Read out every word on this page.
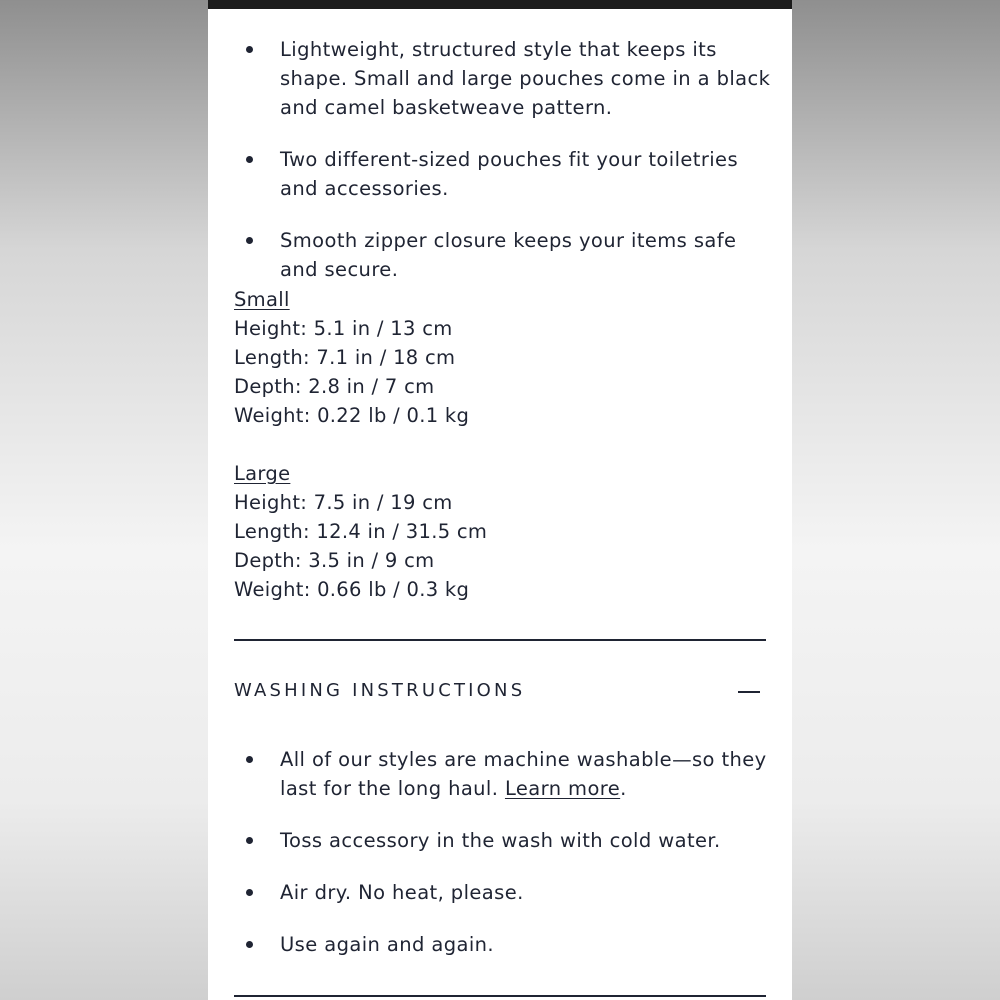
Lightweight, structured style that keeps its shape. Small and large pouches come in a black and camel basketweave pattern.
Two different-sized pouches fit your toiletries and accessories.
Smooth zipper closure keeps your items safe and secure.
Small
Height: 5.1 in / 13 cm
Length: 7.1 in / 18 cm
Depth: 2.8 in / 7 cm
Weight: 0.22 lb / 0.1 kg
Large
Height: 7.5 in / 19 cm
Length: 12.4 in / 31.5 cm
Depth: 3.5 in / 9 cm
Weight: 0.66 lb / 0.3 kg
WASHING INSTRUCTIONS
All of our styles are machine washable—so they last for the long haul. Learn more.
Toss accessory in the wash with cold water.
Air dry. No heat, please.
Use again and again.
